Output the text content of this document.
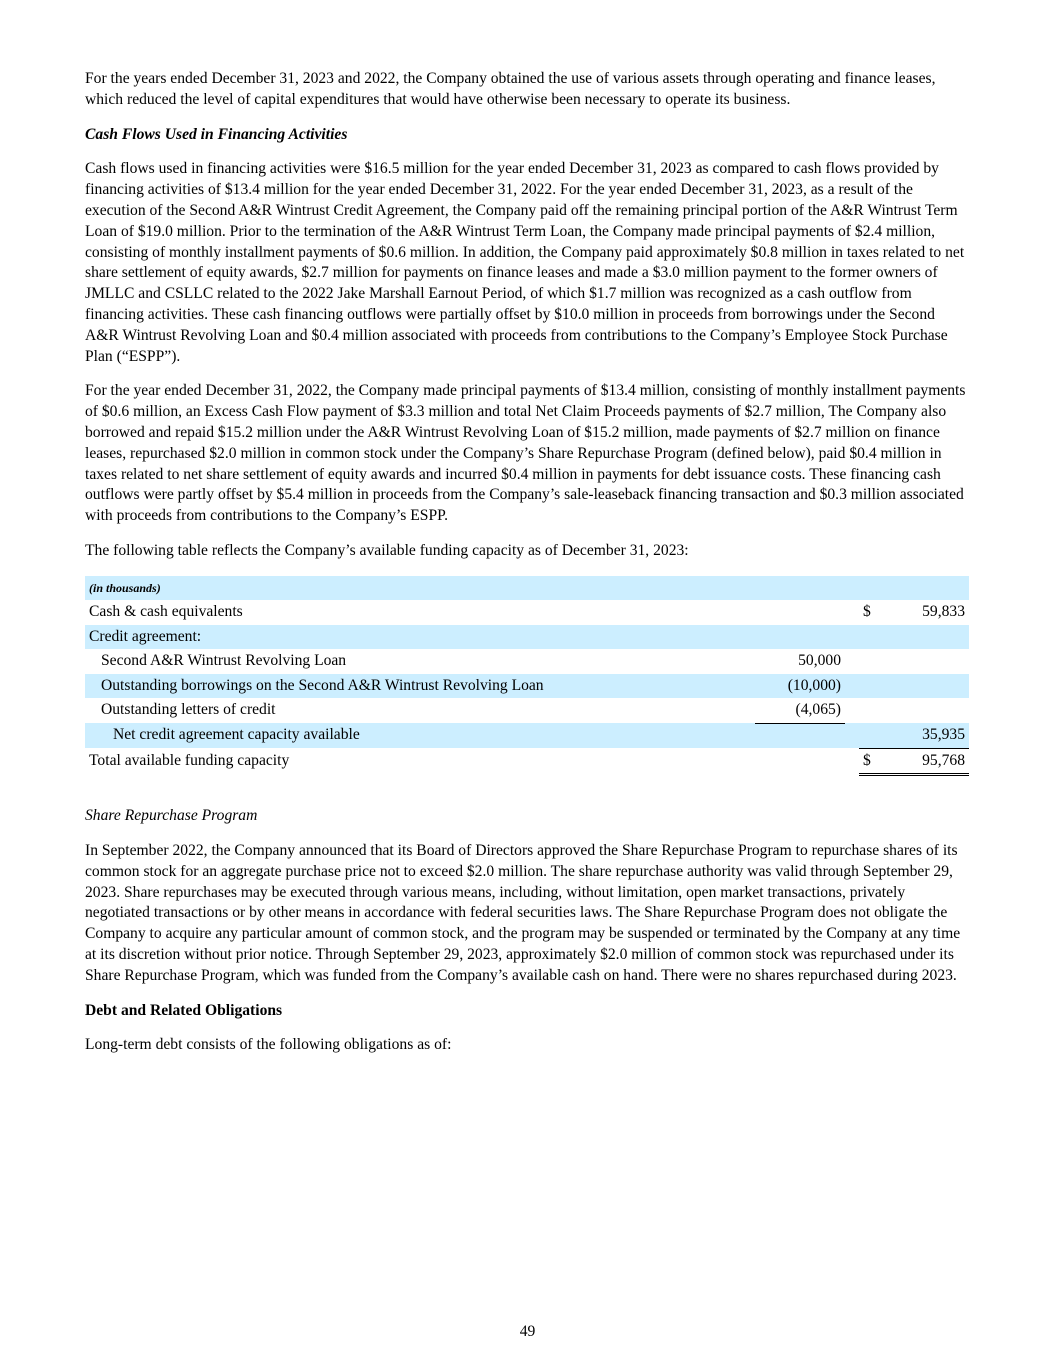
For the years ended December 31, 2023 and 2022, the Company obtained the use of various assets through operating and finance leases, which reduced the level of capital expenditures that would have otherwise been necessary to operate its business.

Cash Flows Used in Financing Activities

Cash flows used in financing activities were $16.5 million for the year ended December 31, 2023 as compared to cash flows provided by financing activities of $13.4 million for the year ended December 31, 2022. For the year ended December 31, 2023, as a result of the execution of the Second A&R Wintrust Credit Agreement, the Company paid off the remaining principal portion of the A&R Wintrust Term Loan of $19.0 million. Prior to the termination of the A&R Wintrust Term Loan, the Company made principal payments of $2.4 million, consisting of monthly installment payments of $0.6 million. In addition, the Company paid approximately $0.8 million in taxes related to net share settlement of equity awards, $2.7 million for payments on finance leases and made a $3.0 million payment to the former owners of JMLLC and CSLLC related to the 2022 Jake Marshall Earnout Period, of which $1.7 million was recognized as a cash outflow from financing activities. These cash financing outflows were partially offset by $10.0 million in proceeds from borrowings under the Second A&R Wintrust Revolving Loan and $0.4 million associated with proceeds from contributions to the Company’s Employee Stock Purchase Plan (“ESPP”).

For the year ended December 31, 2022, the Company made principal payments of $13.4 million, consisting of monthly installment payments of $0.6 million, an Excess Cash Flow payment of $3.3 million and total Net Claim Proceeds payments of $2.7 million, The Company also borrowed and repaid $15.2 million under the A&R Wintrust Revolving Loan of $15.2 million, made payments of $2.7 million on finance leases, repurchased $2.0 million in common stock under the Company’s Share Repurchase Program (defined below), paid $0.4 million in taxes related to net share settlement of equity awards and incurred $0.4 million in payments for debt issuance costs. These financing cash outflows were partly offset by $5.4 million in proceeds from the Company’s sale-leaseback financing transaction and $0.3 million associated with proceeds from contributions to the Company’s ESPP.

The following table reflects the Company’s available funding capacity as of December 31, 2023:

(in thousands)				
Cash & cash equivalents			$	59,833
Credit agreement:				
Second A&R Wintrust Revolving Loan	50,000			
Outstanding borrowings on the Second A&R Wintrust Revolving Loan	(10,000)			
Outstanding letters of credit	(4,065)			
Net credit agreement capacity available				35,935
Total available funding capacity			$	95,768
Share Repurchase Program

In September 2022, the Company announced that its Board of Directors approved the Share Repurchase Program to repurchase shares of its common stock for an aggregate purchase price not to exceed $2.0 million. The share repurchase authority was valid through September 29, 2023. Share repurchases may be executed through various means, including, without limitation, open market transactions, privately negotiated transactions or by other means in accordance with federal securities laws. The Share Repurchase Program does not obligate the Company to acquire any particular amount of common stock, and the program may be suspended or terminated by the Company at any time at its discretion without prior notice. Through September 29, 2023, approximately $2.0 million of common stock was repurchased under its Share Repurchase Program, which was funded from the Company’s available cash on hand. There were no shares repurchased during 2023.

Debt and Related Obligations

Long-term debt consists of the following obligations as of:

49
